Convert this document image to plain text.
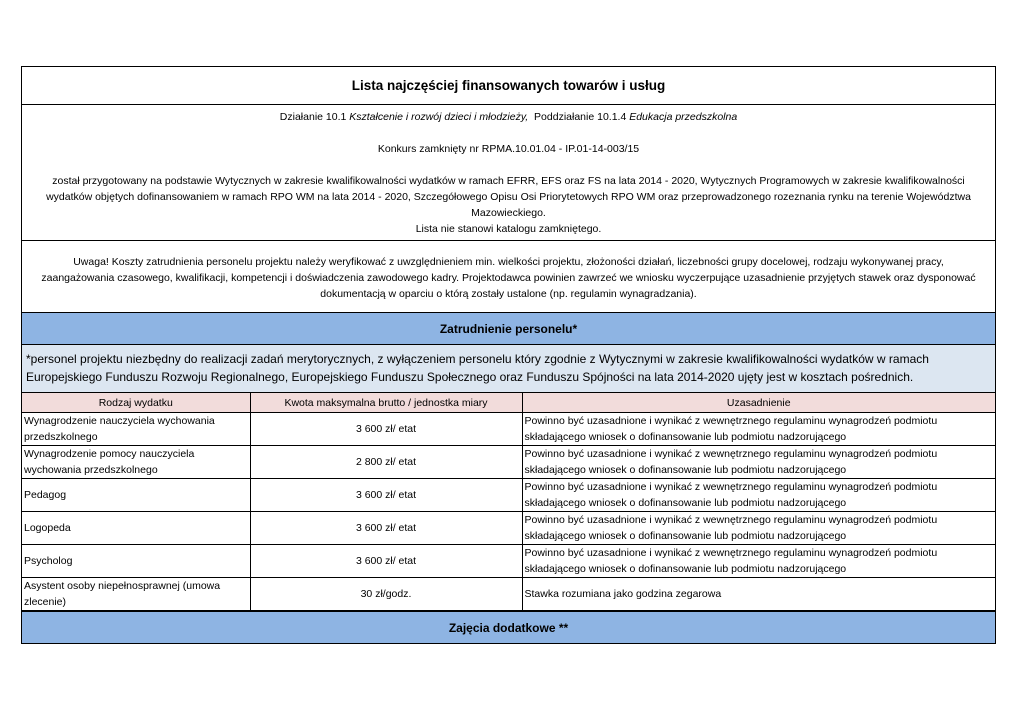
Lista najczęściej finansowanych towarów i usług

Działanie 10.1 Kształcenie i rozwój dzieci i młodzieży,  Poddziałanie 10.1.4 Edukacja przedszkolna

Konkurs zamknięty nr RPMA.10.01.04 - IP.01-14-003/15

został przygotowany na podstawie Wytycznych w zakresie kwalifikowalności wydatków w ramach EFRR, EFS oraz FS na lata 2014 - 2020, Wytycznych Programowych w zakresie kwalifikowalności wydatków objętych dofinansowaniem w ramach RPO WM na lata 2014 - 2020, Szczegółowego Opisu Osi Priorytetowych RPO WM oraz przeprowadzonego rozeznania rynku na terenie Województwa Mazowieckiego.

Lista nie stanowi katalogu zamkniętego.

Uwaga! Koszty zatrudnienia personelu projektu należy weryfikować z uwzględnieniem min. wielkości projektu, złożoności działań, liczebności grupy docelowej, rodzaju wykonywanej pracy, zaangażowania czasowego, kwalifikacji, kompetencji i doświadczenia zawodowego kadry. Projektodawca powinien zawrzeć we wniosku wyczerpujące uzasadnienie przyjętych stawek oraz dysponować dokumentacją w oparciu o którą zostały ustalone (np. regulamin wynagradzania).
Zatrudnienie personelu*
*personel projektu niezbędny do realizacji zadań merytorycznych, z wyłączeniem personelu który zgodnie z Wytycznymi w zakresie kwalifikowalności wydatków w ramach Europejskiego Funduszu Rozwoju Regionalnego, Europejskiego Funduszu Społecznego oraz Funduszu Spójności na lata 2014-2020 ujęty jest w kosztach pośrednich.
Rodzaj wydatku	Kwota maksymalna brutto / jednostka miary	Uzasadnienie
Wynagrodzenie nauczyciela wychowania przedszkolnego	3 600 zł/ etat	Powinno być uzasadnione i wynikać z wewnętrznego regulaminu wynagrodzeń podmiotu składającego wniosek o dofinansowanie lub podmiotu nadzorującego
Wynagrodzenie pomocy nauczyciela wychowania przedszkolnego	2 800 zł/ etat	Powinno być uzasadnione i wynikać z wewnętrznego regulaminu wynagrodzeń podmiotu składającego wniosek o dofinansowanie lub podmiotu nadzorującego
Pedagog	3 600 zł/ etat	Powinno być uzasadnione i wynikać z wewnętrznego regulaminu wynagrodzeń podmiotu składającego wniosek o dofinansowanie lub podmiotu nadzorującego
Logopeda	3 600 zł/ etat	Powinno być uzasadnione i wynikać z wewnętrznego regulaminu wynagrodzeń podmiotu składającego wniosek o dofinansowanie lub podmiotu nadzorującego
Psycholog	3 600 zł/ etat	Powinno być uzasadnione i wynikać z wewnętrznego regulaminu wynagrodzeń podmiotu składającego wniosek o dofinansowanie lub podmiotu nadzorującego
Asystent osoby niepełnosprawnej (umowa zlecenie)	30 zł/godz.	Stawka rozumiana jako godzina zegarowa
Zajęcia dodatkowe **
